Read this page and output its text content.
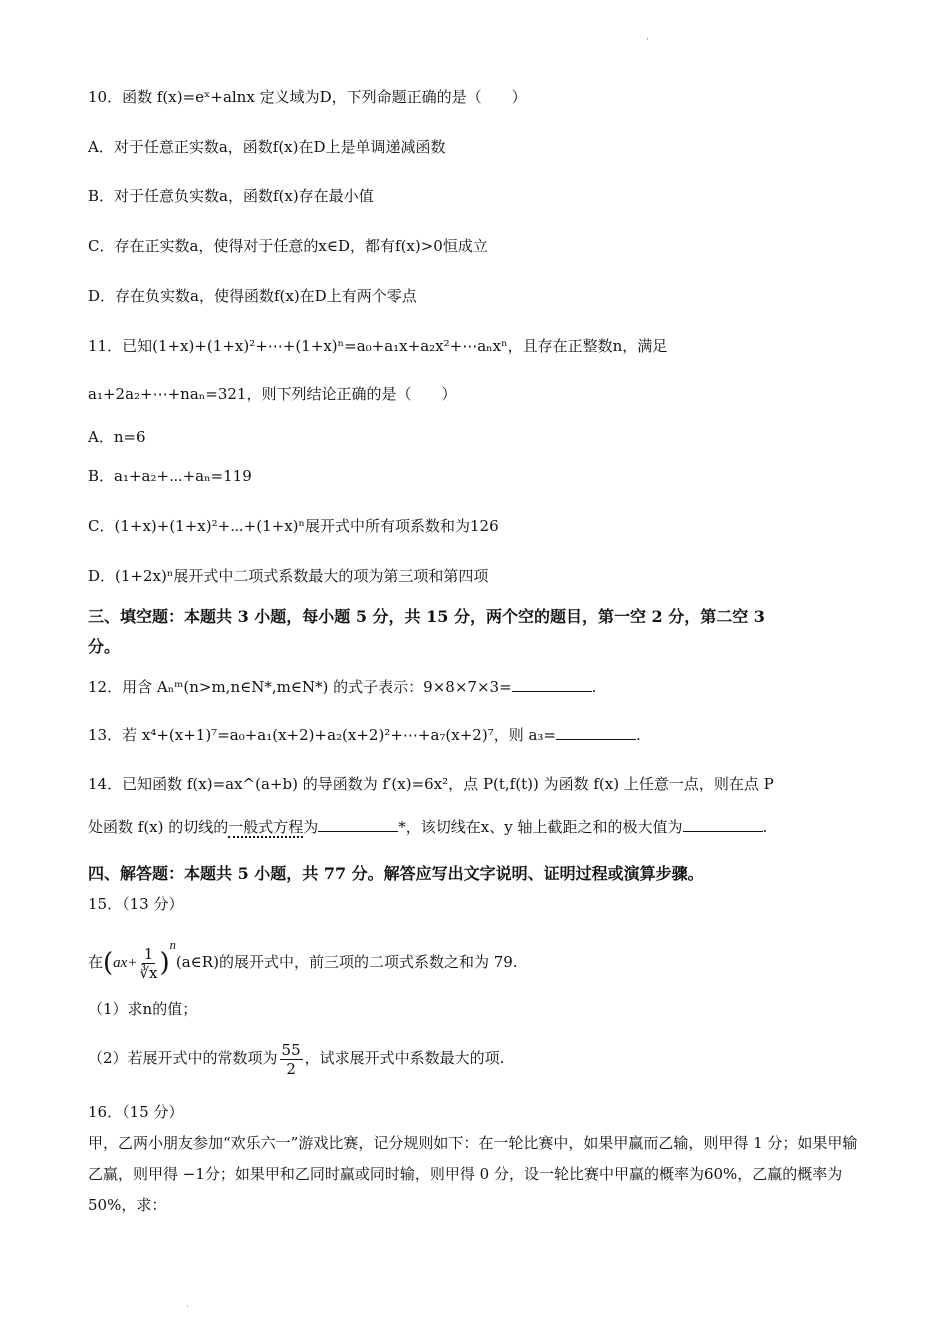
ˈ
10．函数 f(x)=eˣ+alnx 定义域为D，下列命题正确的是（　　）
A．对于任意正实数a，函数f(x)在D上是单调递减函数
B．对于任意负实数a，函数f(x)存在最小值
C．存在正实数a，使得对于任意的x∈D，都有f(x)>0恒成立
D．存在负实数a，使得函数f(x)在D上有两个零点
11．已知(1+x)+(1+x)²+⋯+(1+x)ⁿ=a₀+a₁x+a₂x²+⋯aₙxⁿ，且存在正整数n，满足
a₁+2a₂+⋯+naₙ=321，则下列结论正确的是（　　）
A．n=6
B．a₁+a₂+⋯+aₙ=119
C．(1+x)+(1+x)²+⋯+(1+x)ⁿ展开式中所有项系数和为126
D．(1+2x)ⁿ展开式中二项式系数最大的项为第三项和第四项
三、填空题：本题共 3 小题，每小题 5 分，共 15 分，两个空的题目，第一空 2 分，第二空 3
分。
12．用含 Aₙᵐ(n>m,n∈N*,m∈N*) 的式子表示：9×8×7×3=	.
13．若 x⁴+(x+1)⁷=a₀+a₁(x+2)+a₂(x+2)²+⋯+a₇(x+2)⁷，则 a₃=	.
14．已知函数 f(x)=ax^(a+b) 的导函数为 f′(x)=6x²，点 P(t,f(t)) 为函数 f(x) 上任意一点，则在点 P
处函数 f(x) 的切线的一般式方程为	*，该切线在x、y 轴上截距之和的极大值为	.
四、解答题：本题共 5 小题，共 77 分。解答应写出文字说明、证明过程或演算步骤。
15．（13 分）
在($ax+ \frac{1}{∛x}$ )$^n(a\in R)$的展开式中，前三项的二项式系数之和为 79.
（1）求n的值；
（2）若展开式中的常数项为 $\frac{55}{2}$ ，试求展开式中系数最大的项.
16．（15 分）
甲，乙两小朋友参加“欢乐六一”游戏比赛，记分规则如下：在一轮比赛中，如果甲赢而乙输，则甲得 1 分；如果甲输乙赢，则甲得 −1分；如果甲和乙同时赢或同时输，则甲得 0 分，设一轮比赛中甲赢的概率为60%，乙赢的概率为50%，求：
·
